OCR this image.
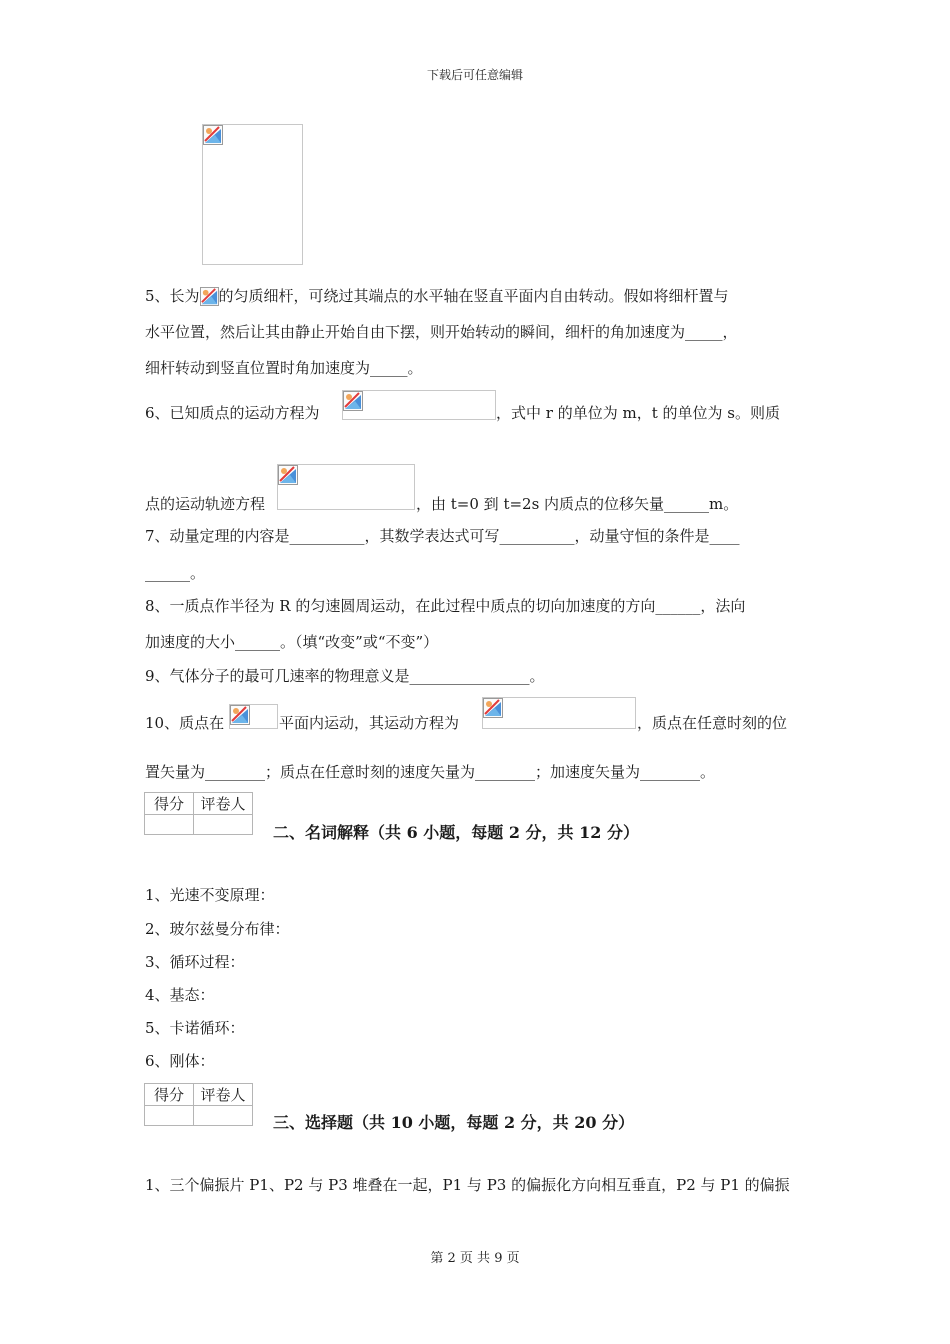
下载后可任意编辑
5、长为 的匀质细杆，可绕过其端点的水平轴在竖直平面内自由转动。假如将细杆置与
水平位置，然后让其由静止开始自由下摆，则开始转动的瞬间，细杆的角加速度为_____，
细杆转动到竖直位置时角加速度为_____。
6、已知质点的运动方程为	，式中 r 的单位为 m，t 的单位为 s。则质
点的运动轨迹方程	，由 t=0 到 t=2s 内质点的位移矢量______m。
7、动量定理的内容是__________，其数学表达式可写__________，动量守恒的条件是____
______。
8、一质点作半径为 R 的匀速圆周运动，在此过程中质点的切向加速度的方向______，法向
加速度的大小______。（填“改变”或“不变”）
9、气体分子的最可几速率的物理意义是________________。
10、质点在	平面内运动，其运动方程为	，质点在任意时刻的位
置矢量为________；质点在任意时刻的速度矢量为________；加速度矢量为________。
得分	评卷人

二、名词解释（共 6 小题，每题 2 分，共 12 分）
1、光速不变原理：
2、玻尔兹曼分布律：
3、循环过程：
4、基态：
5、卡诺循环：
6、刚体：
得分	评卷人

三、选择题（共 10 小题，每题 2 分，共 20 分）
1、三个偏振片 P1、P2 与 P3 堆叠在一起，P1 与 P3 的偏振化方向相互垂直，P2 与 P1 的偏振
第 2 页 共 9 页
